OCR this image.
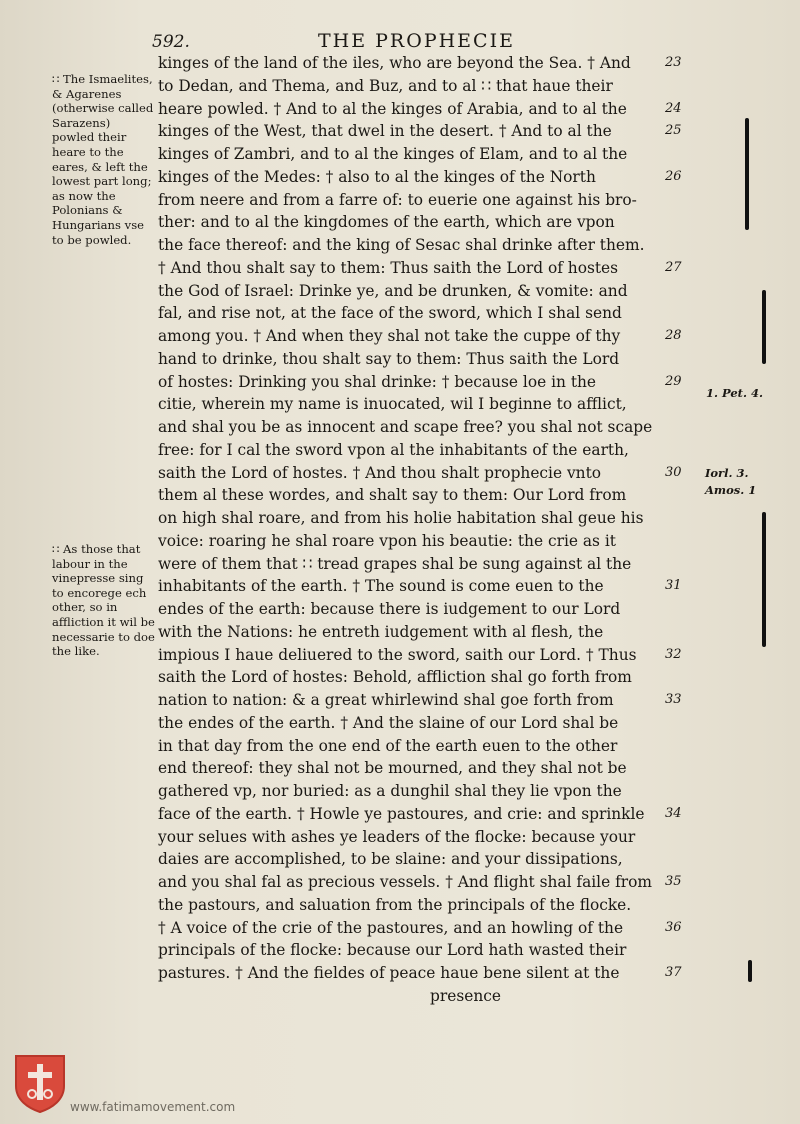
592.	THE PROPHECIE
∷ The Ismaelites, & Agarenes (otherwise called Sarazens) powled their heare to the eares, & left the lowest part long; as now the Polonians & Hungarians vse to be powled.
∷ As those that labour in the vinepresse sing to encorege ech other, so in affliction it wil be necessarie to doe the like.
kinges of the land of the iles, who are beyond the Sea. † And
to Dedan, and Thema, and Buz, and to al ∷ that haue their
heare powled. † And to al the kinges of Arabia, and to al the
kinges of the West, that dwel in the desert. † And to al the
kinges of Zambri, and to al the kinges of Elam, and to al the
kinges of the Medes: † also to al the kinges of the North
from neere and from a farre of: to euerie one against his bro-
ther: and to al the kingdomes of the earth, which are vpon
the face thereof: and the king of Sesac shal drinke after them.
† And thou shalt say to them: Thus saith the Lord of hostes
the God of Israel: Drinke ye, and be drunken, & vomite: and
fal, and rise not, at the face of the sword, which I shal send
among you. † And when they shal not take the cuppe of thy
hand to drinke, thou shalt say to them: Thus saith the Lord
of hostes: Drinking you shal drinke: † because loe in the
citie, wherein my name is inuocated, wil I beginne to afflict,
and shal you be as innocent and scape free? you shal not scape
free: for I cal the sword vpon al the inhabitants of the earth,
saith the Lord of hostes. † And thou shalt prophecie vnto
them al these wordes, and shalt say to them: Our Lord from
on high shal roare, and from his holie habitation shal geue his
voice: roaring he shal roare vpon his beautie: the crie as it
were of them that ∷ tread grapes shal be sung against al the
inhabitants of the earth. † The sound is come euen to the
endes of the earth: because there is iudgement to our Lord
with the Nations: he entreth iudgement with al flesh, the
impious I haue deliuered to the sword, saith our Lord. † Thus
saith the Lord of hostes: Behold, affliction shal go forth from
nation to nation: & a great whirlewind shal goe forth from
the endes of the earth. † And the slaine of our Lord shal be
in that day from the one end of the earth euen to the other
end thereof: they shal not be mourned, and they shal not be
gathered vp, nor buried: as a dunghil shal they lie vpon the
face of the earth. † Howle ye pastoures, and crie: and sprinkle
your selues with ashes ye leaders of the flocke: because your
daies are accomplished, to be slaine: and your dissipations,
and you shal fal as precious vessels. † And flight shal faile from
the pastours, and saluation from the principals of the flocke.
† A voice of the crie of the pastoures, and an howling of the
principals of the flocke: because our Lord hath wasted their
pastures. † And the fieldes of peace haue bene silent at the
presence
23
24
25
26
27
28
29
30
31
32
33
34
35
36
37
1. Pet. 4.
Iorl. 3.
Amos. 1
www.fatimamovement.com
